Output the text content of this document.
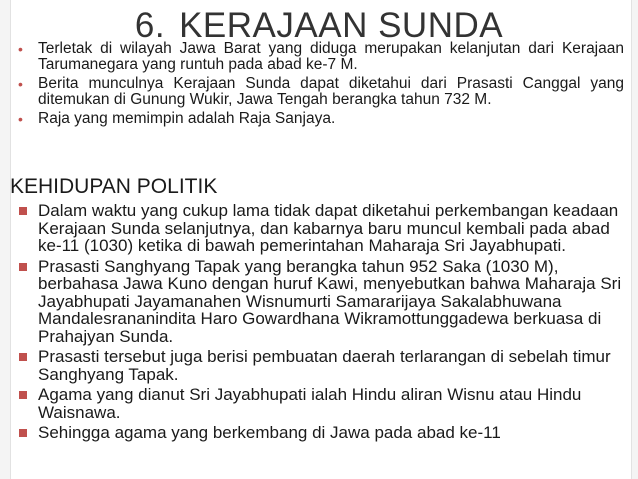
6. KERAJAAN SUNDA
• Terletak di wilayah Jawa Barat yang diduga merupakan kelanjutan dari Kerajaan Tarumanegara yang runtuh pada abad ke-7 M.
• Berita munculnya Kerajaan Sunda dapat diketahui dari Prasasti Canggal yang ditemukan di Gunung Wukir, Jawa Tengah berangka tahun 732 M.
• Raja yang memimpin adalah Raja Sanjaya.
KEHIDUPAN POLITIK
Dalam waktu yang cukup lama tidak dapat diketahui perkembangan keadaan Kerajaan Sunda selanjutnya, dan kabarnya baru muncul kembali pada abad ke-11 (1030) ketika di bawah pemerintahan Maharaja Sri Jayabhupati.
Prasasti Sanghyang Tapak yang berangka tahun 952 Saka (1030 M), berbahasa Jawa Kuno dengan huruf Kawi, menyebutkan bahwa Maharaja Sri Jayabhupati Jayamanahen Wisnumurti Samararijaya Sakalabhuwana Mandalesrananindita Haro Gowardhana Wikramottunggadewa berkuasa di Prahajyan Sunda.
Prasasti tersebut juga berisi pembuatan daerah terlarangan di sebelah timur Sanghyang Tapak.
Agama yang dianut Sri Jayabhupati ialah Hindu aliran Wisnu atau Hindu Waisnawa.
Sehingga agama yang berkembang di Jawa pada abad ke-11
